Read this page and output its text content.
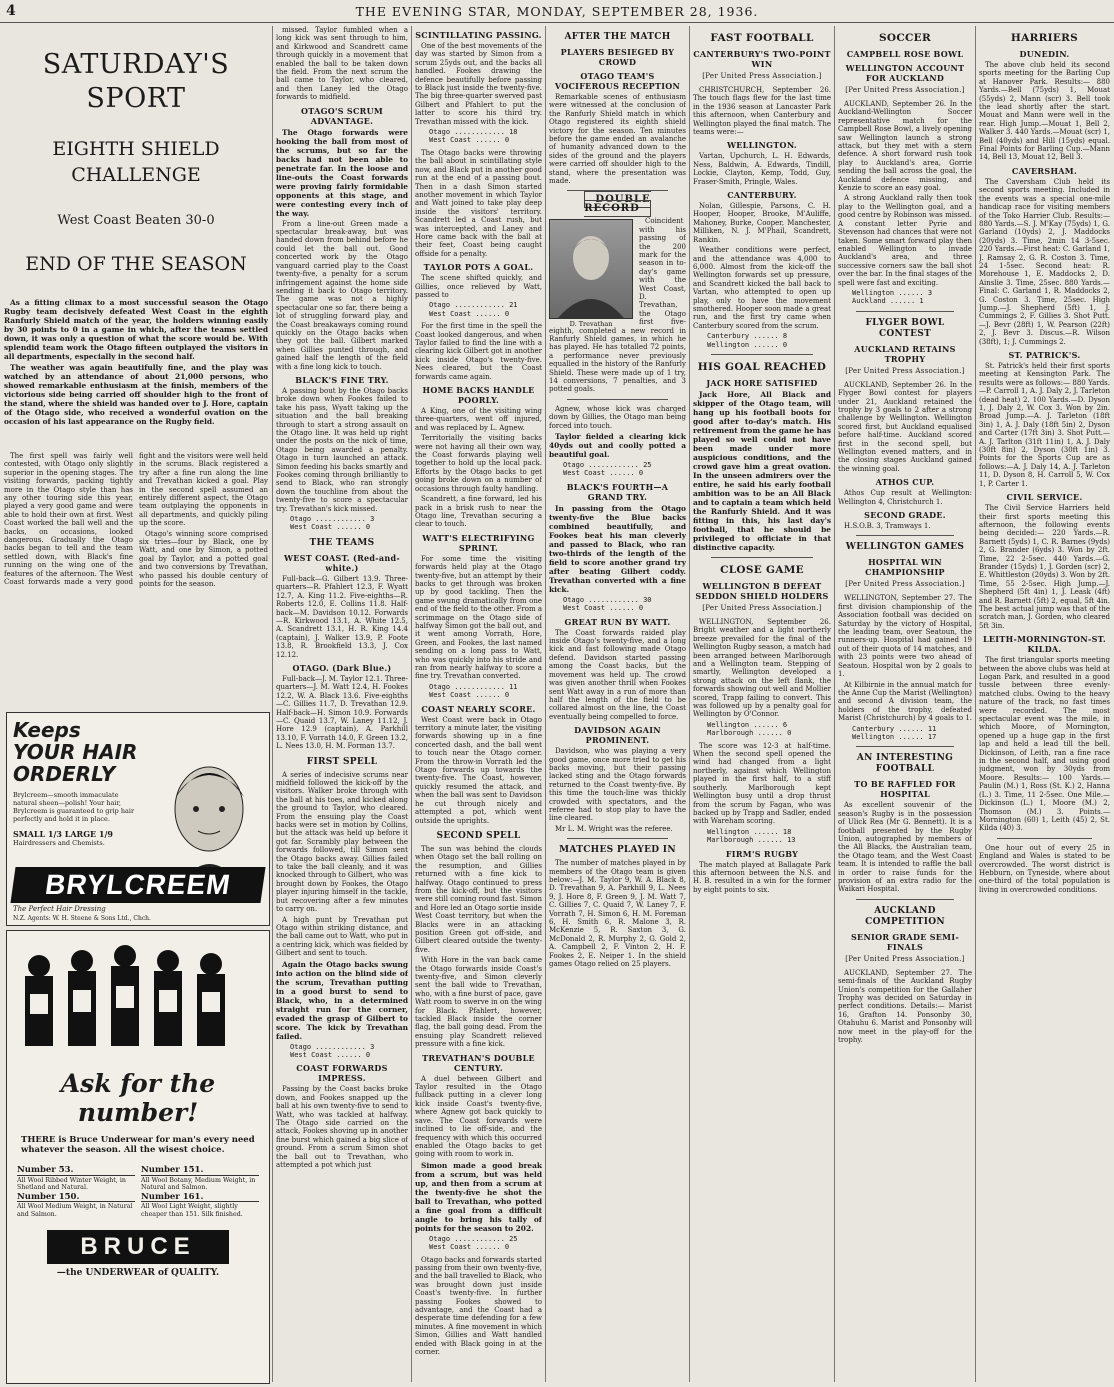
4	THE EVENING STAR, MONDAY, SEPTEMBER 28, 1936.
SATURDAY'S SPORT
EIGHTH SHIELD CHALLENGE
West Coast Beaten 30-0
END OF THE SEASON

As a fitting climax to a most successful season the Otago Rugby team decisively defeated West Coast in the eighth Ranfurly Shield match of the year, the holders winning easily by 30 points to 0 in a game in which, after the teams settled down, it was only a question of what the score would be. With splendid team work the Otago fifteen outplayed the visitors in all departments, especially in the second half.

The weather was again beautifully fine, and the play was watched by an attendance of about 21,000 persons, who showed remarkable enthusiasm at the finish, members of the victorious side being carried off shoulder high to the front of the stand, where the shield was handed over to J. Hore, captain of the Otago side, who received a wonderful ovation on the occasion of his last appearance on the Rugby field.

The first spell was fairly well contested, with Otago only slightly superior in the opening stages. The visiting forwards, packing tightly more in the Otago style than has any other touring side this year, played a very good game and were able to hold their own at first. West Coast worked the ball well and the backs, on occasions, looked dangerous. Gradually the Otago backs began to tell and the team settled down, with Black's fine running on the wing one of the features of the afternoon. The West Coast forwards made a very good fight and the visitors were well held in the scrums. Black registered a try after a fine run along the line and Trevathan kicked a goal. Play in the second spell assumed an entirely different aspect, the Otago team outplaying the opponents in all departments, and quickly piling up the score.

Otago's winning score comprised six tries—four by Black, one by Watt, and one by Simon, a potted goal by Taylor, and a potted goal and two conversions by Trevathan, who passed his double century of points for the season.

Keeps YOUR HAIR ORDERLY
Brylcreem—smooth immaculate natural sheen—polish! Your hair, Brylcreem is guaranteed to grip hair perfectly and hold it in place.
SMALL 1/3 LARGE 1/9
Hairdressers and Chemists.
BRYLCREEM
The Perfect Hair Dressing
N.Z. Agents: W. H. Steene & Sons Ltd., Chch.
Ask for the number!
THERE is Bruce Underwear for man's every need whatever the season. All the wisest choice.
Number 53.
All Wool Ribbed Winter Weight, in Shetland and Natural.
Number 151.
All Wool Botany, Medium Weight, in Natural and Salmon.
Number 150.
All Wool Medium Weight, in Natural and Salmon.
Number 161.
All Wool Light Weight, slightly cheaper than 151. Silk finished.
BRUCE
—the UNDERWEAR of QUALITY.

missed. Taylor fumbled when a long kick was sent through to him, and Kirkwood and Scandrett came through quickly in a movement that enabled the ball to be taken down the field. From the next scrum the ball came to Taylor, who cleared, and then Laney led the Otago forwards to midfield.

OTAGO'S SCRUM ADVANTAGE.

The Otago forwards were hooking the ball from most of the scrums, but so far the backs had not been able to penetrate far. In the loose and line-outs the Coast forwards were proving fairly formidable opponents at this stage, and were contesting every inch of the way.

From a line-out Green made a spectacular break-away, but was handed down from behind before he could let the ball out. Good concerted work by the Otago vanguard carried play to the Coast twenty-five, a penalty for a scrum infringement against the home side sending it back to Otago territory. The game was not a highly spectacular one so far, there being a lot of struggling forward play, and the Coast breakaways coming round quickly on the Otago backs when they got the ball. Gilbert marked when Gillies punted through, and gained half the length of the field with a fine long kick to touch.

BLACK'S FINE TRY.

A passing bout by the Otago backs broke down when Fookes failed to take his pass, Wyatt taking up the situation and the ball breaking through to start a strong assault on the Otago line. It was held up right under the posts on the nick of time, Otago being awarded a penalty. Otago in turn launched an attack. Simon feeding his backs smartly and Fookes coming through brilliantly to send to Black, who ran strongly down the touchline from about the twenty-five to score a spectacular try. Trevathan's kick missed.

Otago ............ 3
West Coast ...... 0
THE TEAMS
WEST COAST. (Red-and-white.)

Full-back—G. Gilbert 13.9. Three-quarters—R. Pfahlert 12.3, F. Wyatt 12.7, A. King 11.2. Five-eighths—R. Roberts 12.0, E. Collins 11.8. Half-back—M. Davidson 10.12. Forwards—R. Kirkwood 13.1, A. White 12.5, A. Scandrett 13.1, H. R. King 14.4 (captain), J. Walker 13.9, P. Foote 13.8, R. Brookfield 13.3, J. Cox 12.12.

OTAGO. (Dark Blue.)

Full-back—J. M. Taylor 12.1. Three-quarters—J. M. Watt 12.4, H. Fookes 12.2, W. A. Black 13.6. Five-eighths—C. Gillies 11.7, D. Trevathan 12.9. Half-back—H. Simon 10.9. Forwards—C. Quaid 13.7, W. Laney 11.12, J. Hore 12.9 (captain), A. Parkhill 13.10, F. Vorrath 14.0, F. Green 13.2, L. Nees 13.0, H. M. Forman 13.7.

FIRST SPELL

A series of indecisive scrums near midfield followed the kick-off by the visitors. Walker broke through with the ball at his toes, and kicked along the ground to Taylor, who cleared. From the ensuing play the Coast backs were set in motion by Collins, but the attack was held up before it got far. Scrambly play between the forwards followed, till Simon sent the Otago backs away. Gillies failed to take the ball cleanly, and it was knocked through to Gilbert, who was brought down by Fookes, the Otago player injuring himself in the tackle, but recovering after a few minutes to carry on.

A high punt by Trevathan put Otago within striking distance, and the ball came out to Watt, who put in a centring kick, which was fielded by Gilbert and sent to touch.

Again the Otago backs swung into action on the blind side of the scrum, Trevathan putting in a good burst to send to Black, who, in a determined straight run for the corner, evaded the grasp of Gilbert to score. The kick by Trevathan failed.

Otago ............ 3
West Coast ...... 0
COAST FORWARDS IMPRESS.

Passing by the Coast backs broke down, and Fookes snapped up the ball at his own twenty-five to send to Watt, who was tackled at halfway. The Otago side carried on the attack, Fookes shoving up in another fine burst which gained a big slice of ground. From a scrum Simon shot the ball out to Trevathan, who attempted a pot which just

SCINTILLATING PASSING.

One of the best movements of the day was started by Simon from a scrum 25yds out, and the backs all handled. Fookes drawing the defence beautifully before passing to Black just inside the twenty-five. The big three-quarter swerved past Gilbert and Pfahlert to put the latter to score his third try. Trevathan missed with the kick.

Otago ............ 18
West Coast ...... 0

The Otago backs were throwing the ball about in scintillating style now, and Black put in another good run at the end of a passing bout. Then in a dash Simon started another movement in which Taylor and Watt joined to take play deep inside the visitors' territory. Scandrett led a Coast rush, but was intercepted, and Laney and Hore came back with the ball at their feet, Coast being caught offside for a penalty.

TAYLOR POTS A GOAL.

The scene shifted quickly, and Gillies, once relieved by Watt, passed to

Otago ............ 21
West Coast ...... 0

For the first time in the spell the Coast looked dangerous, and when Taylor failed to find the line with a clearing kick Gilbert got in another kick inside Otago's twenty-five. Nees cleared, but the Coast forwards came again.

HOME BACKS HANDLE POORLY.

A King, one of the visiting wing three-quarters, went off injured, and was replaced by L. Agnew.

Territorially the visiting backs were not having all their own way, the Coast forwards playing well together to hold up the local pack. Efforts by the Otago backs to get going broke down on a number of occasions through faulty handling.

Scandrett, a fine forward, led his pack in a brisk rush to near the Otago line, Trevathan securing a clear to touch.

WATT'S ELECTRIFYING SPRINT.

For some time the visiting forwards held play at the Otago twenty-five, but an attempt by their backs to get through was broken up by good tackling. Then the game swung dramatically from one end of the field to the other. From a scrimmage on the Otago side of halfway Simon got the ball out, and it went among Vorrath, Hore, Green, and Fookes, the last named sending on a long pass to Watt, who was quickly into his stride and ran from nearly halfway to score a fine try. Trevathan converted.

Otago ............ 11
West Coast ...... 0
COAST NEARLY SCORE.

West Coast were back in Otago territory a minute later, the visiting forwards showing up in a fine concerted dash, and the ball went to touch near the Otago corner. From the throw-in Vorrath led the Otago forwards up towards the twenty-five. The Coast, however, quickly resumed the attack, and when the ball was sent to Davidson he cut through nicely and attempted a pot, which went outside the uprights.

SECOND SPELL

The sun was behind the clouds when Otago set the ball rolling on the resumption, and Gillies returned with a fine kick to halfway. Otago continued to press from the kick-off, but the visitors were still coming round fast. Simon and Hore led an Otago sortie inside West Coast territory, but when the Blacks were in an attacking position Green got off-side, and Gilbert cleared outside the twenty-five.

With Hore in the van back came the Otago forwards inside Coast's twenty-five, and Simon cleverly sent the ball wide to Trevathan, who, with a fine burst of pace, gave Watt room to swerve in on the wing for Black. Pfahlert, however, tackled Black inside the corner flag, the ball going dead. From the ensuing play Scandrett relieved pressure with a fine kick.

TREVATHAN'S DOUBLE CENTURY.

A duel between Gilbert and Taylor resulted in the Otago fullback putting in a clever long kick inside Coast's twenty-five, where Agnew got back quickly to save. The Coast forwards were inclined to lie off-side, and the frequency with which this occurred enabled the Otago backs to get going with room to work in.

Simon made a good break from a scrum, but was held up, and then from a scrum at the twenty-five he shot the ball to Trevathan, who potted a fine goal from a difficult angle to bring his tally of points for the season to 202.

Otago ............ 25
West Coast ...... 0

Otago backs and forwards started passing from their own twenty-five, and the ball travelled to Black, who was brought down just inside Coast's twenty-five. In further passing Fookes showed to advantage, and the Coast had a desperate time defending for a few minutes. A fine movement in which Simon, Gillies and Watt handled ended with Black going in at the corner.

AFTER THE MATCH
PLAYERS BESIEGED BY CROWD
OTAGO TEAM'S VOCIFEROUS RECEPTION

Remarkable scenes of enthusiasm were witnessed at the conclusion of the Ranfurly Shield match in which Otago registered its eighth shield victory for the season. Ten minutes before the game ended an avalanche of humanity advanced down to the sides of the ground and the players were carried off shoulder high to the stand, where the presentation was made.

DOUBLE RECORD
D. Trevathan

Coincident with his passing of the 200 mark for the season in to-day's game with the West Coast, D. Trevathan, the Otago first five-eighth, completed a new record in Ranfurly Shield games, in which he has played. He has totalled 72 points, a performance never previously equalled in the history of the Ranfurly Shield. These were made up of 1 try, 14 conversions, 7 penalties, and 3 potted goals.

Agnew, whose kick was charged down by Gillies, the Otago man being forced into touch.

Taylor fielded a clearing kick 40yds out and coolly potted a beautiful goal.

Otago ............ 25
West Coast ...... 0
BLACK'S FOURTH—A GRAND TRY.

In passing from the Otago twenty-five the Blue backs combined beautifully, and Fookes beat his man cleverly and passed to Black, who ran two-thirds of the length of the field to score another grand try after beating Gilbert coddy. Trevathan converted with a fine kick.

Otago ............ 30
West Coast ...... 0
GREAT RUN BY WATT.

The Coast forwards raided play inside Otago's twenty-five, and a long kick and fast following made Otago defend. Davidson started passing among the Coast backs, but the movement was held up. The crowd was given another thrill when Fookes sent Watt away in a run of more than half the length of the field to be collared almost on the line, the Coast eventually being compelled to force.

DAVIDSON AGAIN PROMINENT.

Davidson, who was playing a very good game, once more tried to get his backs moving, but their passing lacked sting and the Otago forwards returned to the Coast twenty-five. By this time the touch-line was thickly crowded with spectators, and the referee had to stop play to have the line cleared.

Mr L. M. Wright was the referee.

MATCHES PLAYED IN

The number of matches played in by members of the Otago team is given below:—J. M. Taylor 9, W. A. Black 8, D. Trevathan 9, A. Parkhill 9, L. Nees 9, J. Hore 8, F. Green 9, J. M. Watt 7, C. Gillies 7, C. Quaid 7, W. Laney 7, F. Vorrath 7, H. Simon 6, H. M. Foreman 6, H. Smith 6, R. Malone 3, R. McKenzie 5, R. Saxton 3, G. McDonald 2, R. Murphy 2, G. Gold 2, A. Campbell 2, F. Vinton 2, H. F. Fookes 2, E. Neiper 1. In the shield games Otago relied on 25 players.

FAST FOOTBALL
CANTERBURY'S TWO-POINT WIN
[Per United Press Association.]

CHRISTCHURCH, September 26. The touch flags flew for the last time in the 1936 season at Lancaster Park this afternoon, when Canterbury and Wellington played the final match. The teams were:—

WELLINGTON.

Vartan, Upchurch, L. H. Edwards, Ness, Baldwin, A. Edwards, Tindill, Lockie, Clayton, Kemp, Todd, Guy, Fraser-Smith, Pringle, Wales.

CANTERBURY.

Nolan, Gillespie, Parsons, C. H. Hooper, Hooper, Brooke, M'Auliffe, Mahoney, Burke, Cooper, Manchester, Milliken, N. J. M'Phail, Scandrett, Rankin.

Weather conditions were perfect, and the attendance was 4,000 to 6,000. Almost from the kick-off the Wellington forwards set up pressure, and Scandrett kicked the ball back to Vartan, who attempted to open up play, only to have the movement smothered. Hooper soon made a great run, and the first try came when Canterbury scored from the scrum.

Canterbury ...... 8
Wellington ...... 0
HIS GOAL REACHED
JACK HORE SATISFIED

Jack Hore, All Black and skipper of the Otago team, will hang up his football boots for good after to-day's match. His retirement from the game he has played so well could not have been made under more auspicious conditions, and the crowd gave him a great ovation. In the unseen admirers over the entire, he said his early football ambition was to be an All Black and to captain a team which held the Ranfurly Shield. And it was fitting in this, his last day's football, that he should be privileged to officiate in that distinctive capacity.

CLOSE GAME
WELLINGTON B DEFEAT SEDDON SHIELD HOLDERS
[Per United Press Association.]

WELLINGTON, September 26. Bright weather and a light northerly breeze prevailed for the final of the Wellington Rugby season, a match had been arranged between Marlborough and a Wellington team. Stepping of smartly, Wellington developed a strong attack on the left flank, the forwards showing out well and Mollier scored, Trapp failing to convert. This was followed up by a penalty goal for Wellington by O'Connor.

Wellington ...... 6
Marlborough ...... 0

The score was 12-3 at half-time. When the second spell opened the wind had changed from a light northerly, against which Wellington played in the first half, to a stiff southerly. Marlborough kept Wellington busy until a drop thrust from the scrum by Fagan, who was backed up by Trapp and Sadler, ended with Wareham scoring.

Wellington ...... 18
Marlborough ...... 13
FIRM'S RUGBY

The match played at Ballagate Park this afternoon between the N.S. and H. B. resulted in a win for the former by eight points to six.

SOCCER
CAMPBELL ROSE BOWL
WELLINGTON ACCOUNT FOR AUCKLAND
[Per United Press Association.]

AUCKLAND, September 26. In the Auckland-Wellington Soccer representative match for the Campbell Rose Bowl, a lively opening saw Wellington launch a strong attack, but they met with a stern defence. A short forward rush took play to Auckland's area, Gorrie sending the ball across the goal, the Auckland defence missing, and Kenzie to score an easy goal.

A strong Auckland rally then took play to the Wellington goal, and a good centre by Robinson was missed. A constant letter Pyrie and Stevenson had chances that were not taken. Some smart forward play then enabled Wellington to invade Auckland's area, and three successive corners saw the ball shot over the bar. In the final stages of the spell were fast and exciting.

Wellington ...... 3
Auckland ...... 1
FLYGER BOWL CONTEST
AUCKLAND RETAINS TROPHY
[Per United Press Association.]

AUCKLAND, September 26. In the Flyger Bowl contest for players under 21, Auckland retained the trophy by 3 goals to 2 after a strong challenge by Wellington. Wellington scored first, but Auckland equalised before half-time. Auckland scored first in the second spell, but Wellington evened matters, and in the closing stages Auckland gained the winning goal.

ATHOS CUP.

Athos Cup result at Wellington: Wellington 4, Christchurch 1.

SECOND GRADE.

H.S.O.B. 3, Tramways 1.

WELLINGTON GAMES
HOSPITAL WIN CHAMPIONSHIP
[Per United Press Association.]

WELLINGTON, September 27. The first division championship of the Association football was decided on Saturday by the victory of Hospital, the leading team, over Seatoun, the runners-up. Hospital had gained 19 out of their quota of 14 matches, and with 23 points were two ahead of Seatoun. Hospital won by 2 goals to 1.

At Kilbirnie in the annual match for the Anne Cup the Marist (Wellington) and second A division team, the holders of the trophy, defeated Marist (Christchurch) by 4 goals to 1.

Canterbury ...... 11
Wellington ...... 17
AN INTERESTING FOOTBALL
TO BE RAFFLED FOR HOSPITAL

As excellent souvenir of the season's Rugby is in the possession of Ulick Rea (Mr G. Bennett). It is a football presented by the Rugby Union, autographed by members of the All Blacks, the Australian team, the Otago team, and the West Coast team. It is intended to raffle the ball in order to raise funds for the provision of an extra radio for the Waikari Hospital.

AUCKLAND COMPETITION
SENIOR GRADE SEMI-FINALS
[Per United Press Association.]

AUCKLAND, September 27. The semi-finals of the Auckland Rugby Union's competition for the Gallaher Trophy was decided on Saturday in perfect conditions. Details:— Marist 16, Grafton 14. Ponsonby 30, Otahuhu 6. Marist and Ponsonby will now meet in the play-off for the trophy.

HARRIERS
DUNEDIN.

The above club held its second sports meeting for the Barling Cup at Hanover Park. Results:— 880 Yards.—Bell (75yds) 1, Mouat (55yds) 2, Mann (scr) 3. Bell took the lead shortly after the start. Mouat and Mann were well in the rear. High Jump.—Mouat 1, Bell 2, Walker 3. 440 Yards.—Mouat (scr) 1, Bell (40yds) and Hill (15yds) equal. Final Points for Barling Cup.—Mann 14, Bell 13, Mouat 12, Bell 3.

CAVERSHAM.

The Caversham Club held its second sports meeting. Included in the events was a special one-mile handicap race for visiting members of the Toko Harrier Club. Results:— 880 Yards.—S. J. M'Kay (75yds) 1, G. Garland (10yds) 2, J. Maddocks (20yds) 3. Time, 2min 14 3-5sec. 220 Yards.—First heat: C. Garland 1, J. Ramsay 2, G. R. Coston 3. Time, 24 1-5sec. Second heat: R. Morehouse 1, E. Maddocks 2, D. Ainslie 3. Time, 25sec. 880 Yards.—Final: C. Garland 1, R. Maddocks 2, G. Coston 3. Time, 25sec. High Jump.—J. Shepherd (5ft) 1, J. Cummings 2, F. Gillies 3. Shot Putt.—J. Bevr (28ft) 1, W. Pearson (22ft) 2, J. Bevr 3. Discus.—R. Wilson (38ft), 1; J. Cummings 2.

ST. PATRICK'S.

St. Patrick's held their first sports meeting at Kensington Park. The results were as follows:— 880 Yards.—P. Carroll 1, A. J. Daly 2, J. Tarleton (dead heat) 2. 100 Yards.—D. Dyson 1, J. Daly 2, W. Cox 3. Won by 2in. Broad Jump.—A. J. Tarleton (18ft 3in) 1, A. J. Daly (18ft 5in) 2, Dyson and Carter (17ft 3in) 3. Shot Putt.—A. J. Tarlton (31ft 11in) 1, A. J. Daly (30ft 8in) 2, Dyson (30ft 1in) 3. Points for the Sports Cup are as follows:—A. J. Daly 14, A. J. Tarleton 11, D. Dyson 8, H. Carroll 5, W. Cox 1, P. Carter 1.

CIVIL SERVICE.

The Civil Service Harriers held their first sports meeting this afternoon, the following events being decided:— 220 Yards.—R. Barnett (5yds) 1, C. R. Barnes (9yds) 2, G. Brander (6yds) 3. Won by 2ft. Time, 22 2-5sec. 440 Yards.—G. Brander (15yds) 1, J. Gorden (scr) 2, E. Whittleston (20yds) 3. Won by 2ft. Time, 55 2-5sec. High Jump.—J. Shepherd (5ft 4in) 1, J. Leask (4ft) and R. Barnett (5ft) 2, equal, 5ft 4in. The best actual jump was that of the scratch man, J. Gorden, who cleared 5ft 3in.

LEITH-MORNINGTON-ST. KILDA.

The first triangular sports meeting between the above clubs was held at Logan Park, and resulted in a good tussle between three evenly-matched clubs. Owing to the heavy nature of the track, no fast times were recorded. The most spectacular event was the mile, in which Moore, of Mornington, opened up a huge gap in the first lap and held a lead till the bell. Dickinson, of Leith, ran a fine race in the second half, and using good judgment, won by 30yds from Moore. Results:— 100 Yards.—Paulin (M.) 1, Ross (St. K.) 2, Hanna (L.) 3. Time, 11 2-5sec. One Mile.—Dickinson (L.) 1, Moore (M.) 2, Thomson (M.) 3. Points.—Mornington (60) 1, Leith (45) 2, St. Kilda (40) 3.

One hour out of every 25 in England and Wales is stated to be overcrowded. The worst district is Hebburn, on Tyneside, where about one-third of the total population is living in overcrowded conditions.
